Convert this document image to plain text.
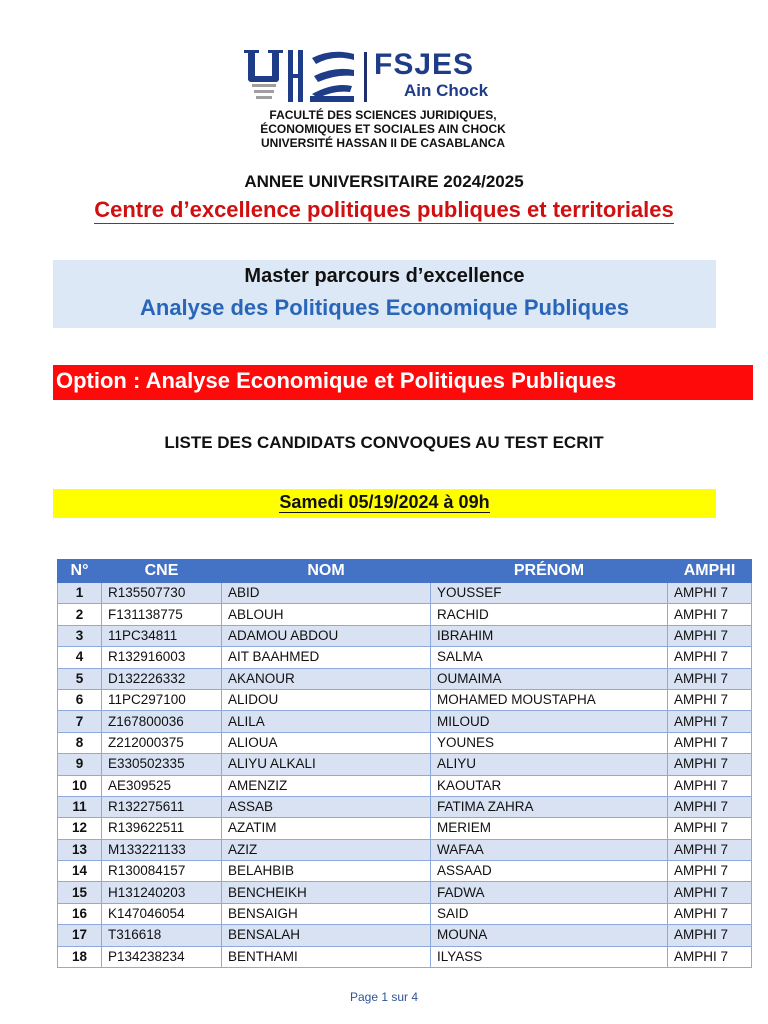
FSJES
Ain Chock
FACULTÉ DES SCIENCES JURIDIQUES,
ÉCONOMIQUES ET SOCIALES AIN CHOCK
UNIVERSITÉ HASSAN II DE CASABLANCA
ANNEE UNIVERSITAIRE 2024/2025
Centre d’excellence politiques publiques et territoriales
Master parcours d’excellence
Analyse des Politiques Economique Publiques
Option : Analyse Economique et Politiques Publiques
LISTE DES CANDIDATS CONVOQUES AU TEST ECRIT
Samedi 05/19/2024 à 09h
N°	CNE	NOM	PRÉNOM	AMPHI
1	R135507730	ABID	YOUSSEF	AMPHI 7
2	F131138775	ABLOUH	RACHID	AMPHI 7
3	11PC34811	ADAMOU ABDOU	IBRAHIM	AMPHI 7
4	R132916003	AIT BAAHMED	SALMA	AMPHI 7
5	D132226332	AKANOUR	OUMAIMA	AMPHI 7
6	11PC297100	ALIDOU	MOHAMED MOUSTAPHA	AMPHI 7
7	Z167800036	ALILA	MILOUD	AMPHI 7
8	Z212000375	ALIOUA	YOUNES	AMPHI 7
9	E330502335	ALIYU ALKALI	ALIYU	AMPHI 7
10	AE309525	AMENZIZ	KAOUTAR	AMPHI 7
11	R132275611	ASSAB	FATIMA ZAHRA	AMPHI 7
12	R139622511	AZATIM	MERIEM	AMPHI 7
13	M133221133	AZIZ	WAFAA	AMPHI 7
14	R130084157	BELAHBIB	ASSAAD	AMPHI 7
15	H131240203	BENCHEIKH	FADWA	AMPHI 7
16	K147046054	BENSAIGH	SAID	AMPHI 7
17	T316618	BENSALAH	MOUNA	AMPHI 7
18	P134238234	BENTHAMI	ILYASS	AMPHI 7
Page 1 sur 4
